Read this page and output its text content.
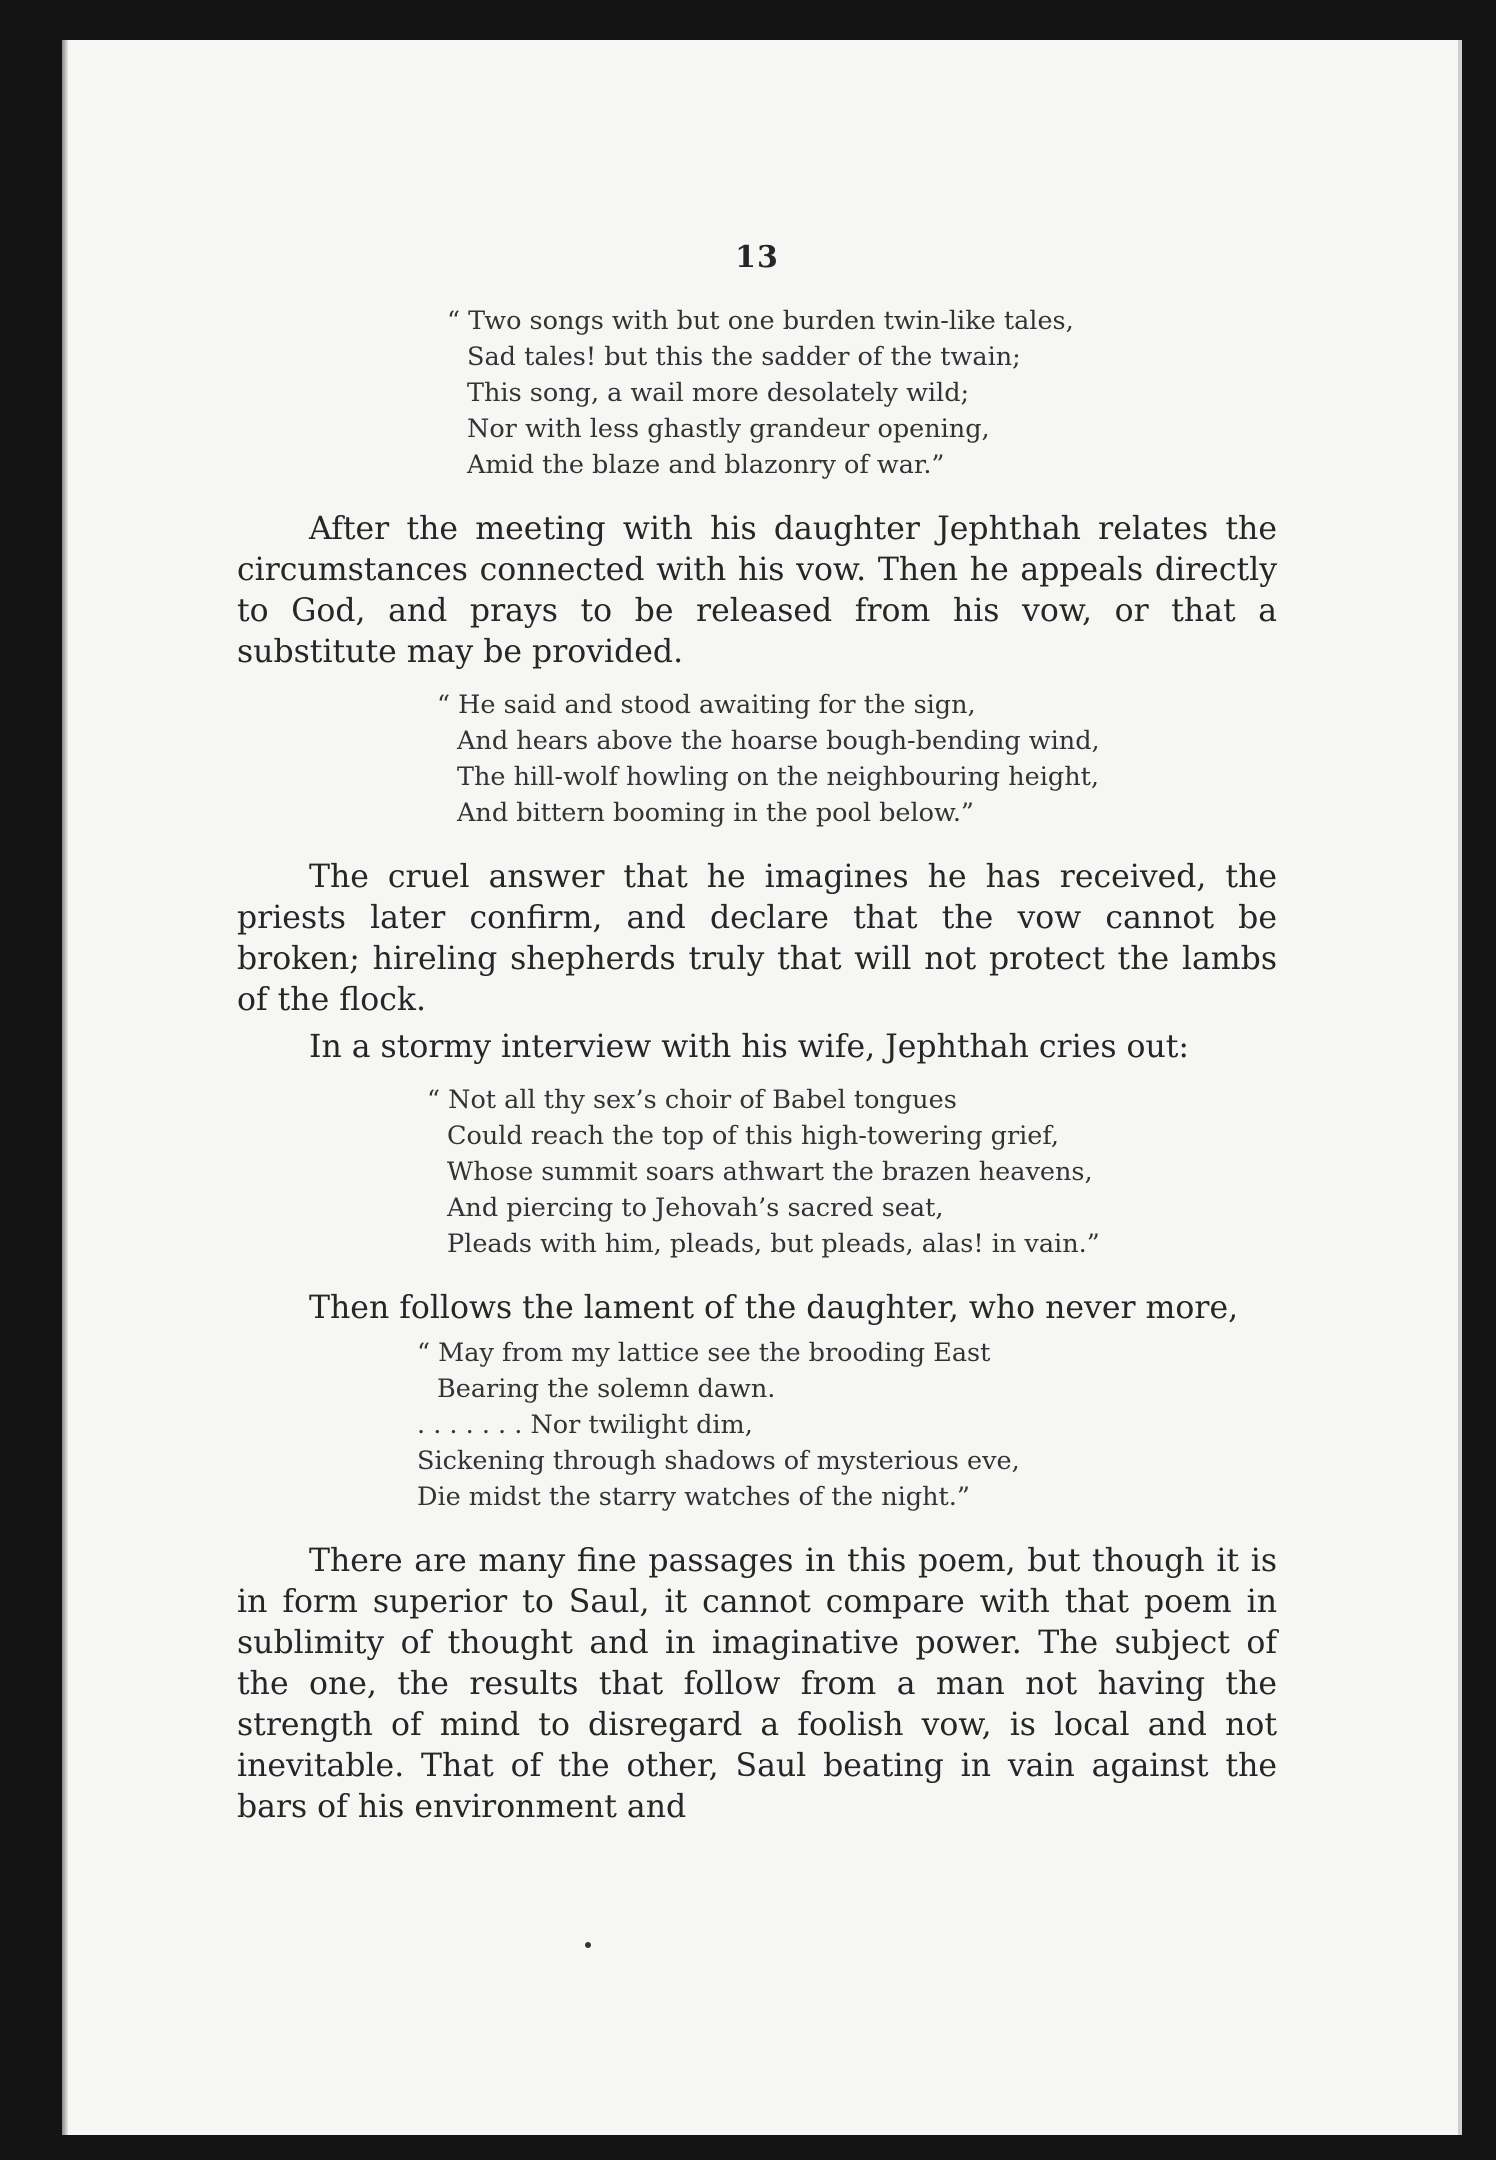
13
“ Two songs with but one burden twin-like tales,
Sad tales! but this the sadder of the twain;
This song, a wail more desolately wild;
Nor with less ghastly grandeur opening,
Amid the blaze and blazonry of war.”

After the meeting with his daughter Jephthah relates the circumstances connected with his vow. Then he appeals directly to God, and prays to be released from his vow, or that a substitute may be provided.

“ He said and stood awaiting for the sign,
And hears above the hoarse bough-bending wind,
The hill-wolf howling on the neighbouring height,
And bittern booming in the pool below.”

The cruel answer that he imagines he has received, the priests later confirm, and declare that the vow cannot be broken; hireling shepherds truly that will not protect the lambs of the flock.

In a stormy interview with his wife, Jephthah cries out:

“ Not all thy sex’s choir of Babel tongues
Could reach the top of this high-towering grief,
Whose summit soars athwart the brazen heavens,
And piercing to Jehovah’s sacred seat,
Pleads with him, pleads, but pleads, alas! in vain.”

Then follows the lament of the daughter, who never more,

“ May from my lattice see the brooding East
Bearing the solemn dawn.
. . . . . . . Nor twilight dim,
Sickening through shadows of mysterious eve,
Die midst the starry watches of the night.”

There are many fine passages in this poem, but though it is in form superior to Saul, it cannot compare with that poem in sublimity of thought and in imaginative power. The subject of the one, the results that follow from a man not having the strength of mind to disregard a foolish vow, is local and not inevitable. That of the other, Saul beating in vain against the bars of his environment and
